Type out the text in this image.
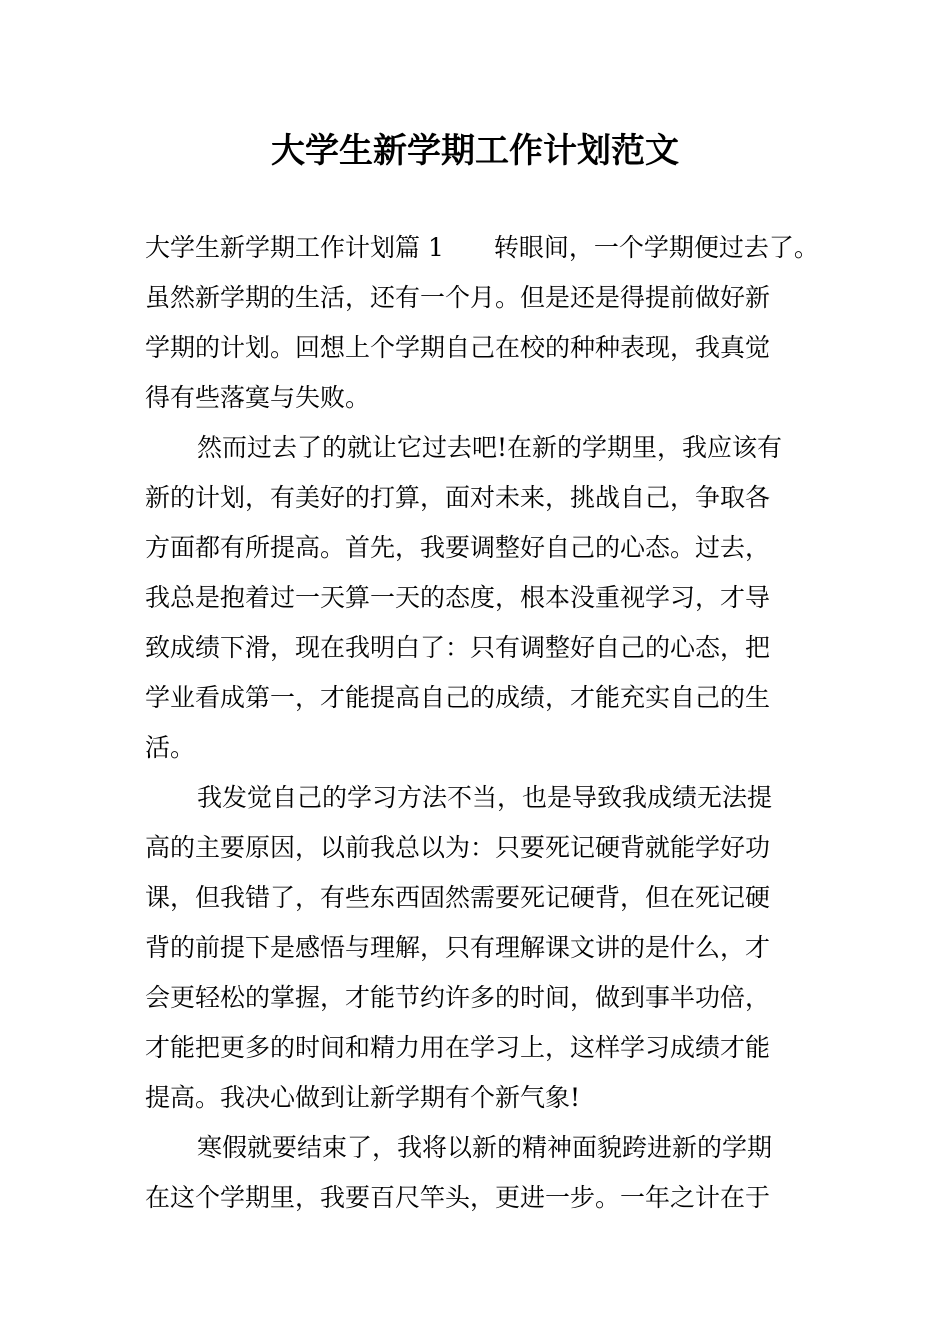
大学生新学期工作计划范文

大学生新学期工作计划篇 1　　转眼间，一个学期便过去了。

虽然新学期的生活，还有一个月。但是还是得提前做好新

学期的计划。回想上个学期自己在校的种种表现，我真觉

得有些落寞与失败。

然而过去了的就让它过去吧!在新的学期里，我应该有

新的计划，有美好的打算，面对未来，挑战自己，争取各

方面都有所提高。首先，我要调整好自己的心态。过去，

我总是抱着过一天算一天的态度，根本没重视学习，才导

致成绩下滑，现在我明白了：只有调整好自己的心态，把

学业看成第一，才能提高自己的成绩，才能充实自己的生

活。

我发觉自己的学习方法不当，也是导致我成绩无法提

高的主要原因，以前我总以为：只要死记硬背就能学好功

课，但我错了，有些东西固然需要死记硬背，但在死记硬

背的前提下是感悟与理解，只有理解课文讲的是什么，才

会更轻松的掌握，才能节约许多的时间，做到事半功倍，

才能把更多的时间和精力用在学习上，这样学习成绩才能

提高。我决心做到让新学期有个新气象!

寒假就要结束了，我将以新的精神面貌跨进新的学期

在这个学期里，我要百尺竿头，更进一步。一年之计在于
